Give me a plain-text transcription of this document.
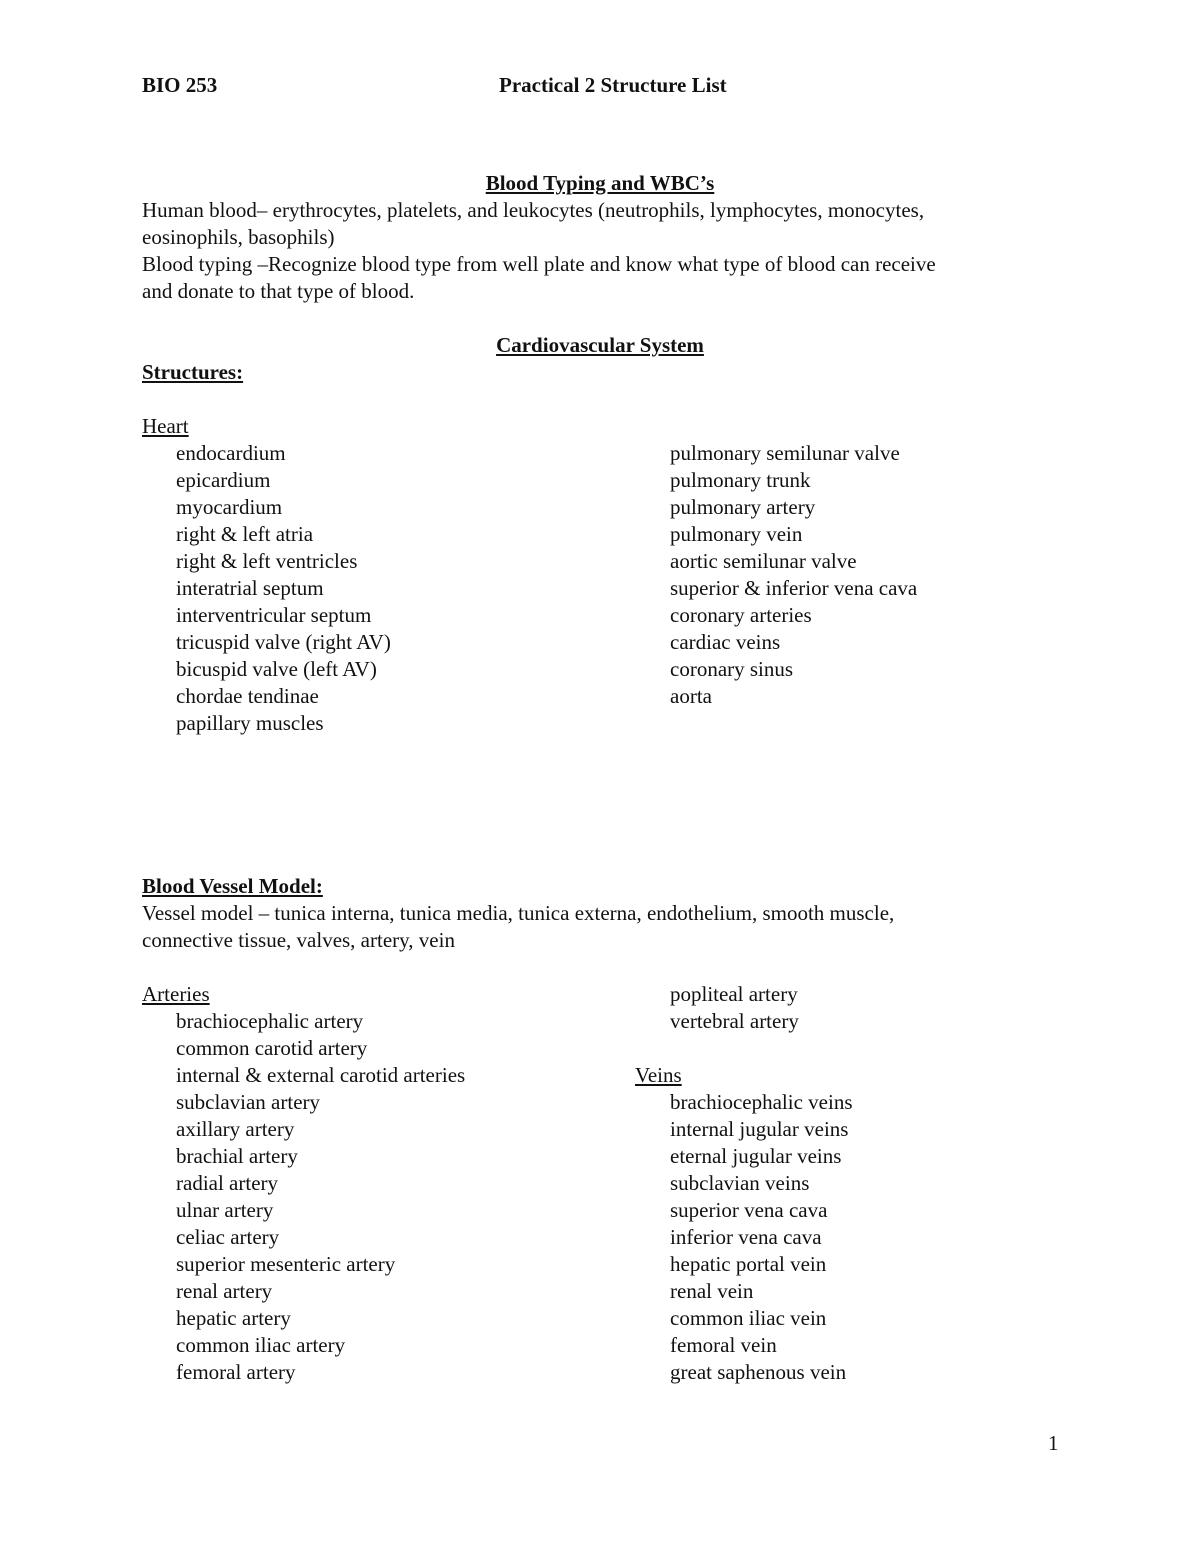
BIO 253	Practical 2 Structure List
Blood Typing and WBC’s
Human blood– erythrocytes, platelets, and leukocytes (neutrophils, lymphocytes, monocytes,
eosinophils, basophils)
Blood typing –Recognize blood type from well plate and know what type of blood can receive
and donate to that type of blood.
Cardiovascular System
Structures:
Heart
endocardium
epicardium
myocardium
right & left atria
right & left ventricles
interatrial septum
interventricular septum
tricuspid valve (right AV)
bicuspid valve (left AV)
chordae tendinae
papillary muscles
pulmonary semilunar valve
pulmonary trunk
pulmonary artery
pulmonary vein
aortic semilunar valve
superior & inferior vena cava
coronary arteries
cardiac veins
coronary sinus
aorta
Blood Vessel Model:
Vessel model – tunica interna, tunica media, tunica externa, endothelium, smooth muscle,
connective tissue, valves, artery, vein
Arteries
brachiocephalic artery
common carotid artery
internal & external carotid arteries
subclavian artery
axillary artery
brachial artery
radial artery
ulnar artery
celiac artery
superior mesenteric artery
renal artery
hepatic artery
common iliac artery
femoral artery
popliteal artery
vertebral artery
Veins
brachiocephalic veins
internal jugular veins
eternal jugular veins
subclavian veins
superior vena cava
inferior vena cava
hepatic portal vein
renal vein
common iliac vein
femoral vein
great saphenous vein
1
